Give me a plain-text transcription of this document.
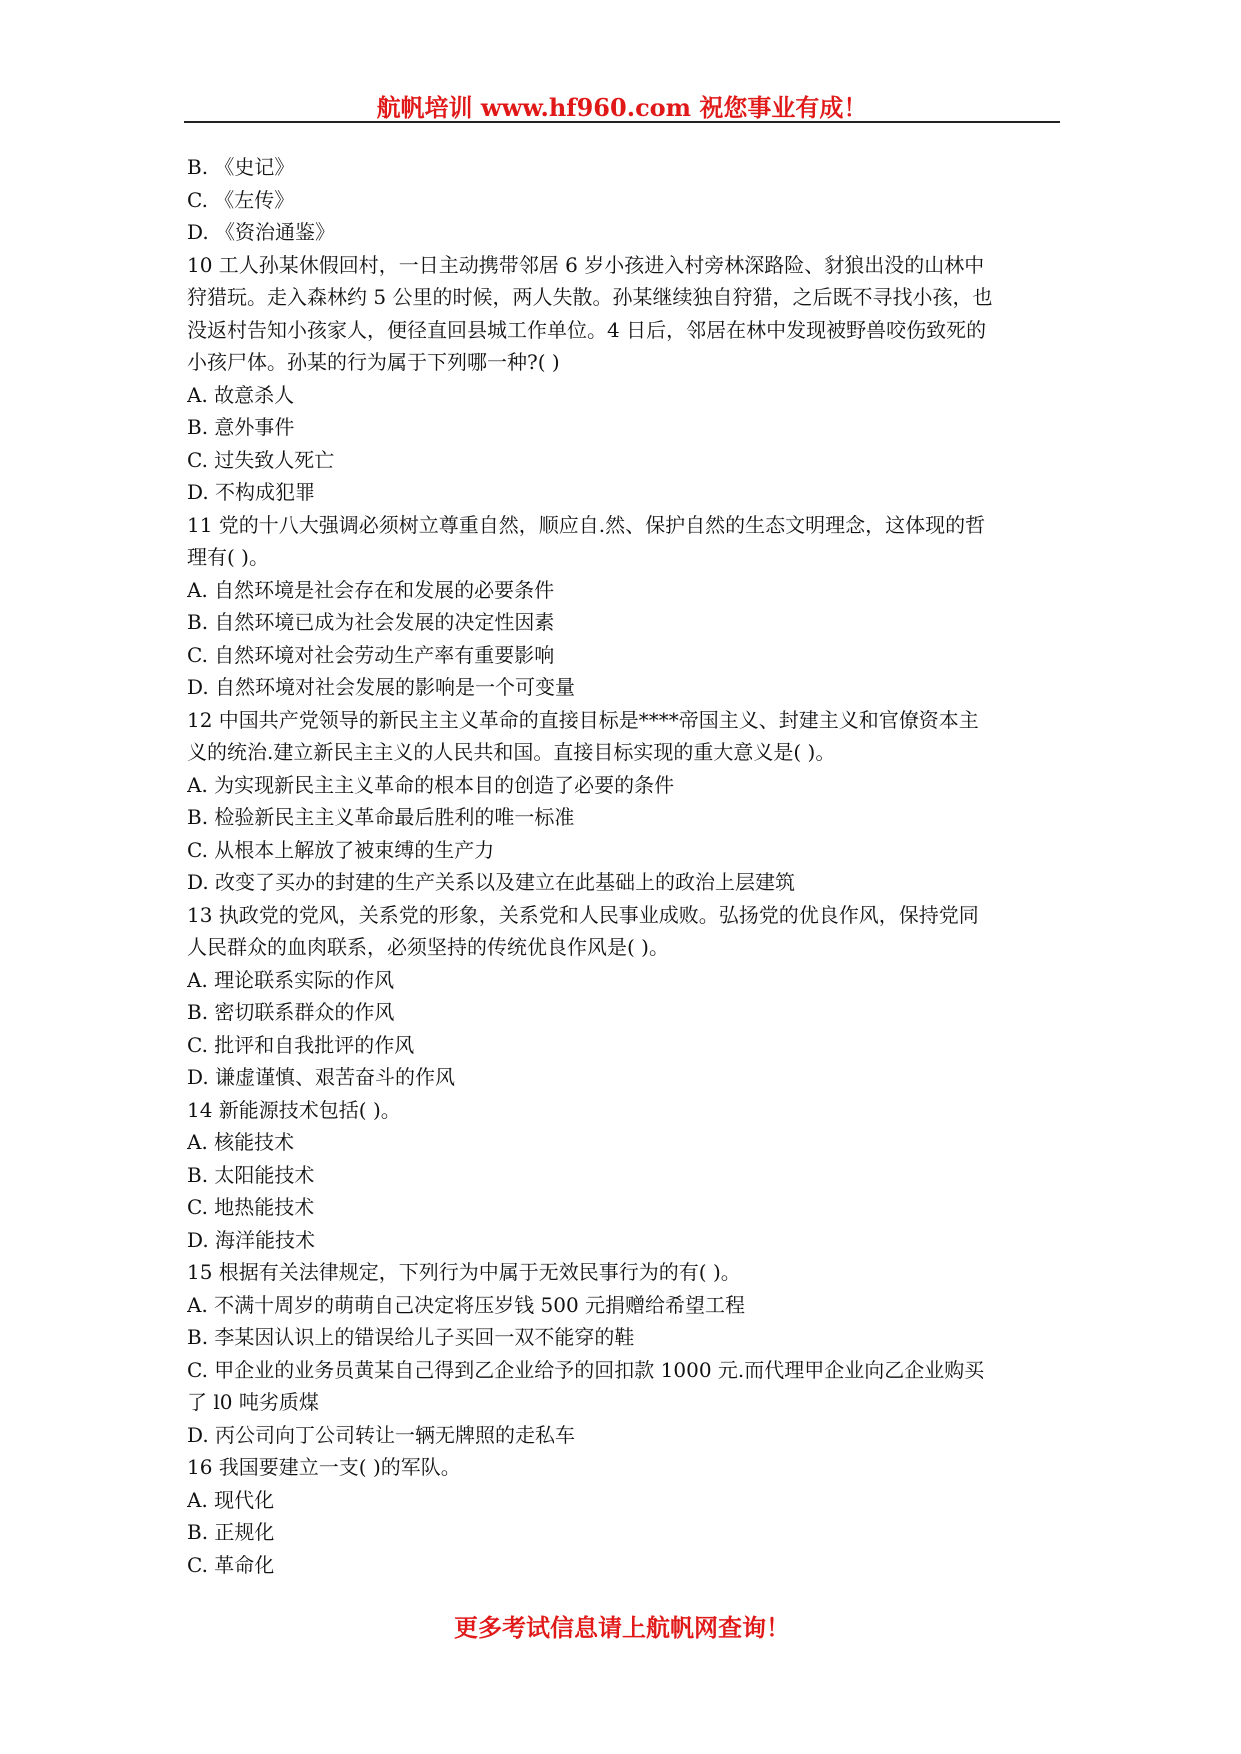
航帆培训 www.hf960.com 祝您事业有成！
B. 《史记》
C. 《左传》
D. 《资治通鉴》
10 工人孙某休假回村，一日主动携带邻居 6 岁小孩进入村旁林深路险、豺狼出没的山林中
狩猎玩。走入森林约 5 公里的时候，两人失散。孙某继续独自狩猎，之后既不寻找小孩，也
没返村告知小孩家人，便径直回县城工作单位。4 日后，邻居在林中发现被野兽咬伤致死的
小孩尸体。孙某的行为属于下列哪一种?( )
A. 故意杀人
B. 意外事件
C. 过失致人死亡
D. 不构成犯罪
11 党的十八大强调必须树立尊重自然，顺应自.然、保护自然的生态文明理念，这体现的哲
理有( )。
A. 自然环境是社会存在和发展的必要条件
B. 自然环境已成为社会发展的决定性因素
C. 自然环境对社会劳动生产率有重要影响
D. 自然环境对社会发展的影响是一个可变量
12 中国共产党领导的新民主主义革命的直接目标是****帝国主义、封建主义和官僚资本主
义的统治.建立新民主主义的人民共和国。直接目标实现的重大意义是( )。
A. 为实现新民主主义革命的根本目的创造了必要的条件
B. 检验新民主主义革命最后胜利的唯一标准
C. 从根本上解放了被束缚的生产力
D. 改变了买办的封建的生产关系以及建立在此基础上的政治上层建筑
13 执政党的党风，关系党的形象，关系党和人民事业成败。弘扬党的优良作风，保持党同
人民群众的血肉联系，必须坚持的传统优良作风是( )。
A. 理论联系实际的作风
B. 密切联系群众的作风
C. 批评和自我批评的作风
D. 谦虚谨慎、艰苦奋斗的作风
14 新能源技术包括( )。
A. 核能技术
B. 太阳能技术
C. 地热能技术
D. 海洋能技术
15 根据有关法律规定，下列行为中属于无效民事行为的有( )。
A. 不满十周岁的萌萌自己决定将压岁钱 500 元捐赠给希望工程
B. 李某因认识上的错误给儿子买回一双不能穿的鞋
C. 甲企业的业务员黄某自己得到乙企业给予的回扣款 1000 元.而代理甲企业向乙企业购买
了 l0 吨劣质煤
D. 丙公司向丁公司转让一辆无牌照的走私车
16 我国要建立一支( )的军队。
A. 现代化
B. 正规化
C. 革命化
更多考试信息请上航帆网查询！
